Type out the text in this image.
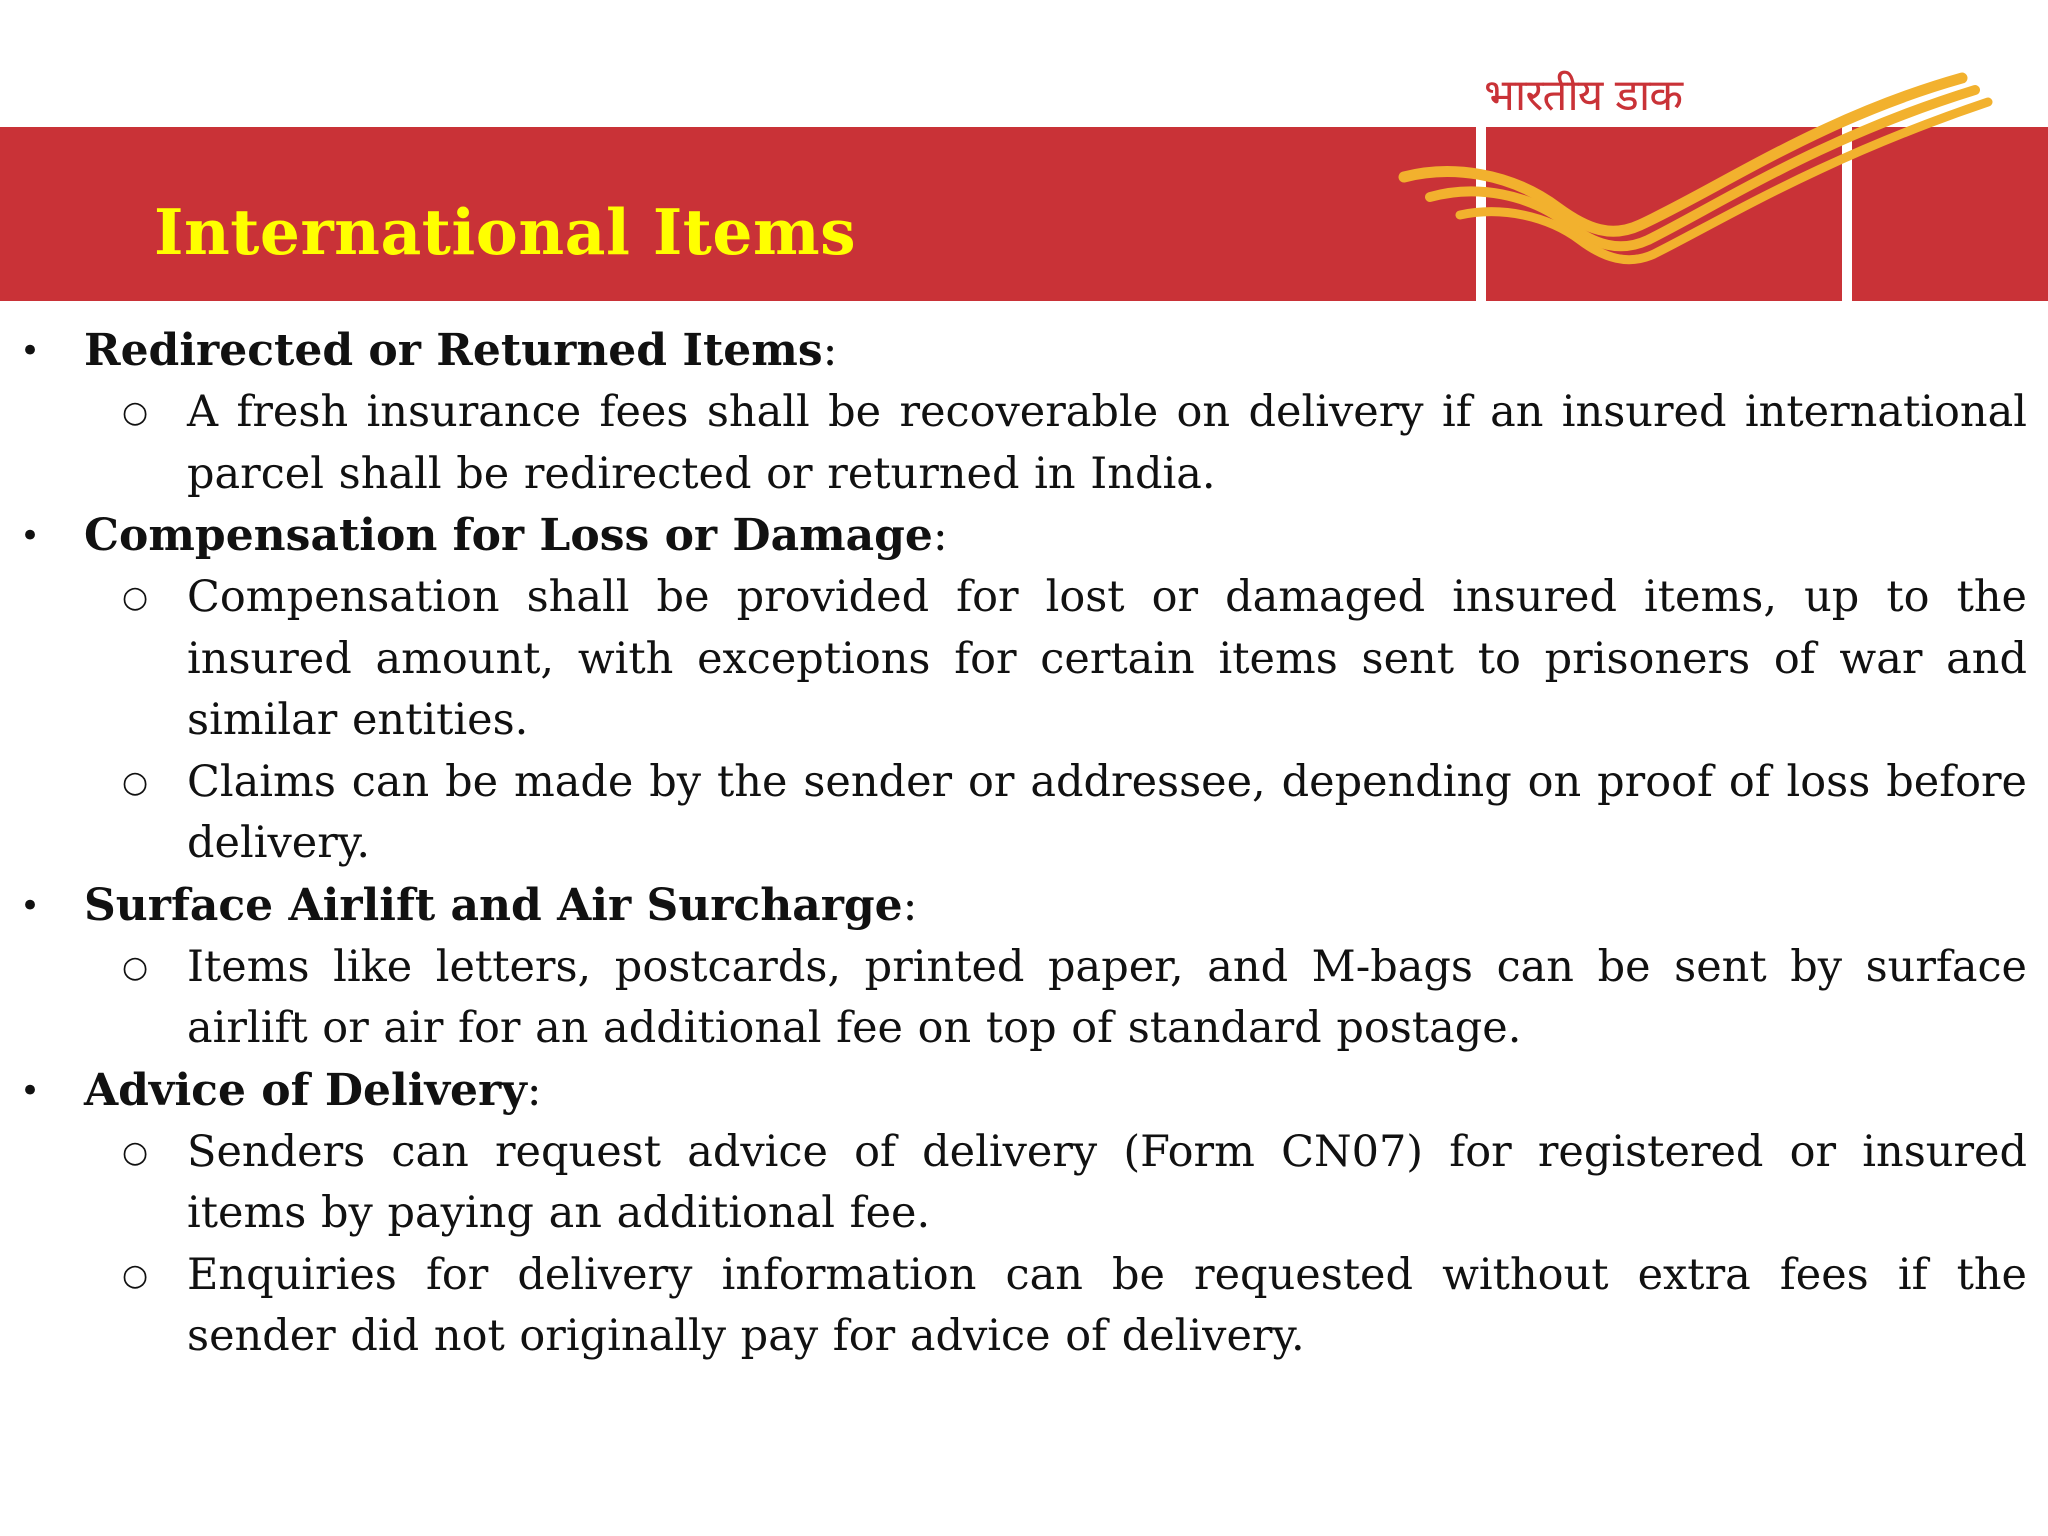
International Items
भारतीय डाक
• Redirected or Returned Items:
○ A fresh insurance fees shall be recoverable on delivery if an insured international parcel shall be redirected or returned in India.
• Compensation for Loss or Damage:
○ Compensation shall be provided for lost or damaged insured items, up to the insured amount, with exceptions for certain items sent to prisoners of war and similar entities.
○ Claims can be made by the sender or addressee, depending on proof of loss before delivery.
• Surface Airlift and Air Surcharge:
○ Items like letters, postcards, printed paper, and M-bags can be sent by surface airlift or air for an additional fee on top of standard postage.
• Advice of Delivery:
○ Senders can request advice of delivery (Form CN07) for registered or insured items by paying an additional fee.
○ Enquiries for delivery information can be requested without extra fees if the sender did not originally pay for advice of delivery.
